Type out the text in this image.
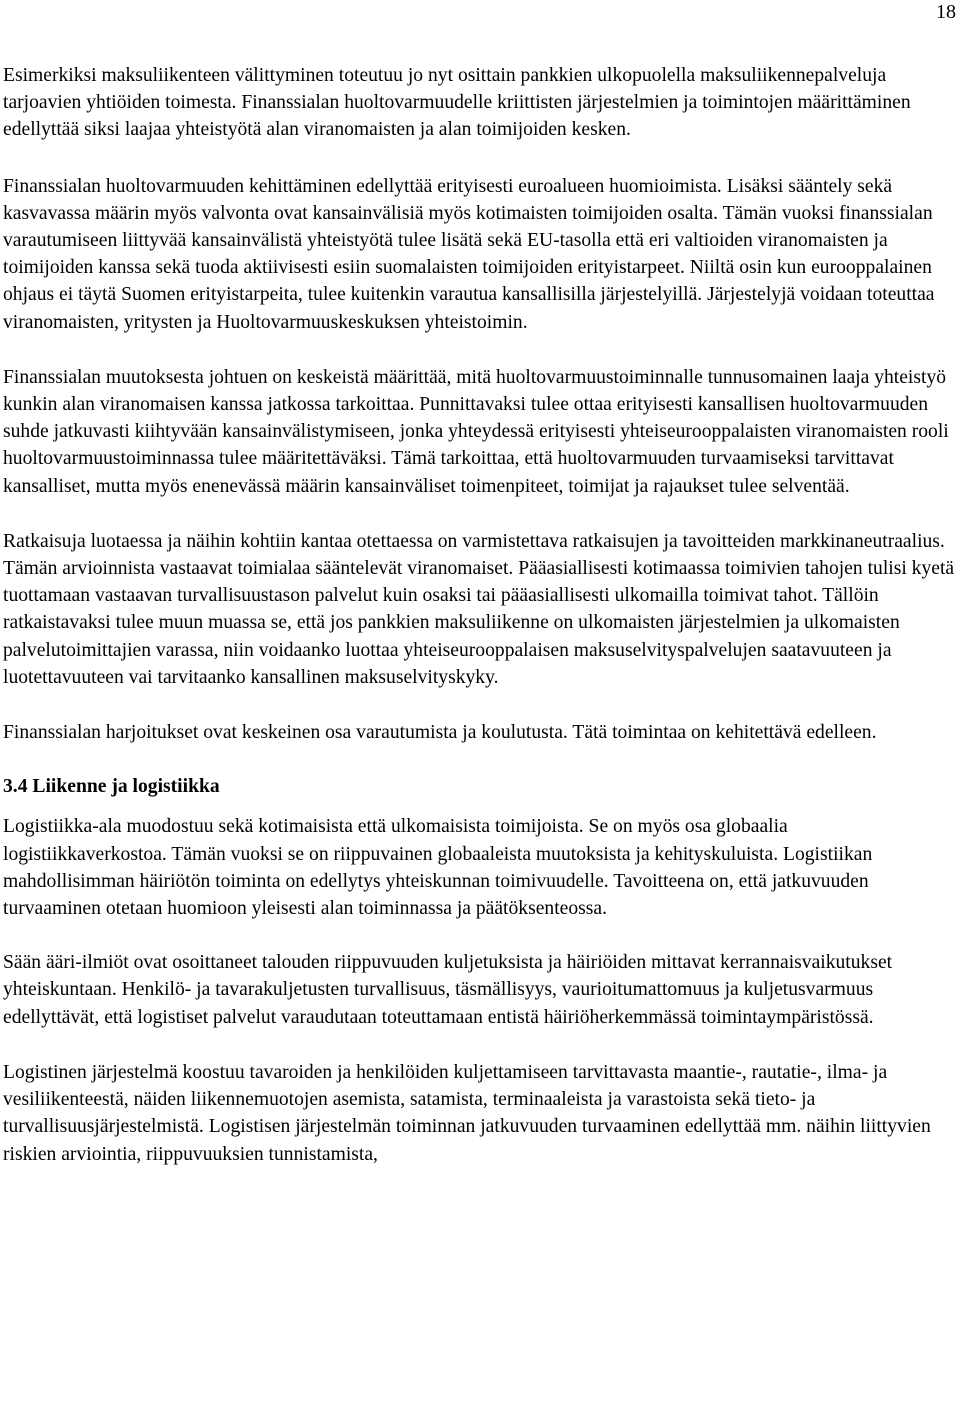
18

Esimerkiksi maksuliikenteen välittyminen toteutuu jo nyt osittain pankkien ulkopuolella maksuliikennepalveluja tarjoavien yhtiöiden toimesta. Finanssialan huoltovarmuudelle kriittisten järjestelmien ja toimintojen määrittäminen edellyttää siksi laajaa yhteistyötä alan viranomaisten ja alan toimijoiden kesken.

Finanssialan huoltovarmuuden kehittäminen edellyttää erityisesti euroalueen huomioimista. Lisäksi sääntely sekä kasvavassa määrin myös valvonta ovat kansainvälisiä myös kotimaisten toimijoiden osalta. Tämän vuoksi finanssialan varautumiseen liittyvää kansainvälistä yhteistyötä tulee lisätä sekä EU-tasolla että eri valtioiden viranomaisten ja toimijoiden kanssa sekä tuoda aktiivisesti esiin suomalaisten toimijoiden erityistarpeet. Niiltä osin kun eurooppalainen ohjaus ei täytä Suomen erityistarpeita, tulee kuitenkin varautua kansallisilla järjestelyillä. Järjestelyjä voidaan toteuttaa viranomaisten, yritysten ja Huoltovarmuuskeskuksen yhteistoimin.

Finanssialan muutoksesta johtuen on keskeistä määrittää, mitä huoltovarmuustoiminnalle tunnusomainen laaja yhteistyö kunkin alan viranomaisen kanssa jatkossa tarkoittaa. Punnittavaksi tulee ottaa erityisesti kansallisen huoltovarmuuden suhde jatkuvasti kiihtyvään kansainvälistymiseen, jonka yhteydessä erityisesti yhteiseurooppalaisten viranomaisten rooli huoltovarmuustoiminnassa tulee määritettäväksi. Tämä tarkoittaa, että huoltovarmuuden turvaamiseksi tarvittavat kansalliset, mutta myös enenevässä määrin kansainväliset toimenpiteet, toimijat ja rajaukset tulee selventää.

Ratkaisuja luotaessa ja näihin kohtiin kantaa otettaessa on varmistettava ratkaisujen ja tavoitteiden markkinaneutraalius. Tämän arvioinnista vastaavat toimialaa sääntelevät viranomaiset. Pääasiallisesti kotimaassa toimivien tahojen tulisi kyetä tuottamaan vastaavan turvallisuustason palvelut kuin osaksi tai pääasiallisesti ulkomailla toimivat tahot. Tällöin ratkaistavaksi tulee muun muassa se, että jos pankkien maksuliikenne on ulkomaisten järjestelmien ja ulkomaisten palvelutoimittajien varassa, niin voidaanko luottaa yhteiseurooppalaisen maksuselvityspalvelujen saatavuuteen ja luotettavuuteen vai tarvitaanko kansallinen maksuselvityskyky.

Finanssialan harjoitukset ovat keskeinen osa varautumista ja koulutusta. Tätä toimintaa on kehitettävä edelleen.

3.4 Liikenne ja logistiikka

Logistiikka-ala muodostuu sekä kotimaisista että ulkomaisista toimijoista. Se on myös osa globaalia logistiikkaverkostoa. Tämän vuoksi se on riippuvainen globaaleista muutoksista ja kehityskuluista. Logistiikan mahdollisimman häiriötön toiminta on edellytys yhteiskunnan toimivuudelle. Tavoitteena on, että jatkuvuuden turvaaminen otetaan huomioon yleisesti alan toiminnassa ja päätöksenteossa.

Sään ääri-ilmiöt ovat osoittaneet talouden riippuvuuden kuljetuksista ja häiriöiden mittavat kerrannaisvaikutukset yhteiskuntaan. Henkilö- ja tavarakuljetusten turvallisuus, täsmällisyys, vaurioitumattomuus ja kuljetusvarmuus edellyttävät, että logistiset palvelut varaudutaan toteuttamaan entistä häiriöherkemmässä toimintaympäristössä.

Logistinen järjestelmä koostuu tavaroiden ja henkilöiden kuljettamiseen tarvittavasta maantie-, rautatie-, ilma- ja vesiliikenteestä, näiden liikennemuotojen asemista, satamista, terminaaleista ja varastoista sekä tieto- ja turvallisuusjärjestelmistä. Logistisen järjestelmän toiminnan jatkuvuuden turvaaminen edellyttää mm. näihin liittyvien riskien arviointia, riippuvuuksien tunnistamista,
